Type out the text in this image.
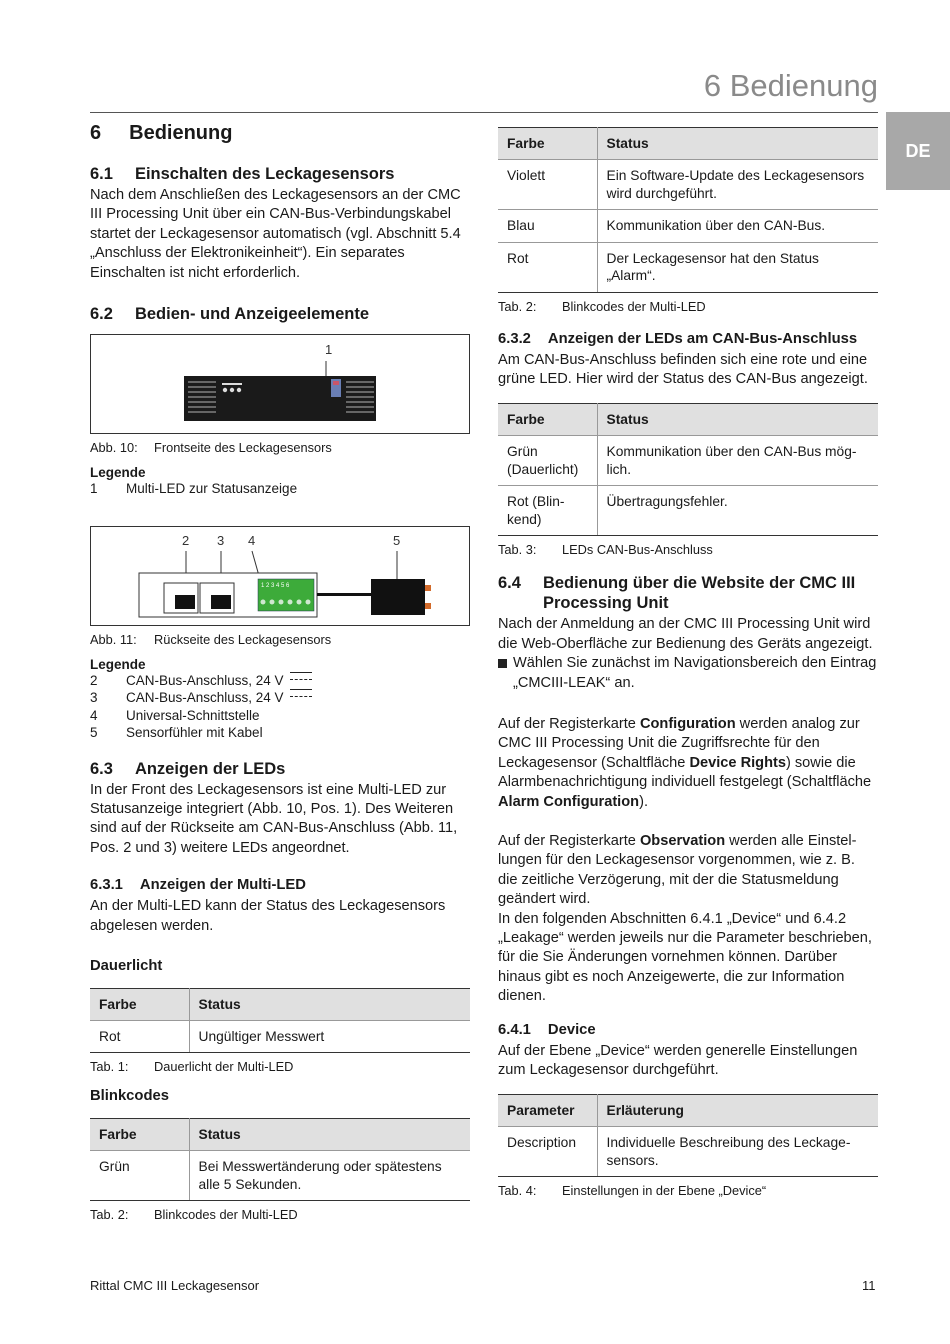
6 Bedienung
DE
6 Bedienung
6.1 Einschalten des Leckagesensors

Nach dem Anschließen des Leckagesensors an der CMC III Processing Unit über ein CAN-Bus-Verbindungskabel startet der Leckagesensor automatisch (vgl. Abschnitt 5.4 „Anschluss der Elektronikeinheit“). Ein separates Einschalten ist nicht erforderlich.

6.2 Bedien- und Anzeigeelemente
1
Abb. 10:	Frontseite des Leckagesensors
Legende
1	Multi-LED zur Statusanzeige
2 3 4	5
1 2 3 4 5 6
Abb. 11:	Rückseite des Leckagesensors
Legende
2	CAN-Bus-Anschluss, 24 V
3	CAN-Bus-Anschluss, 24 V
4	Universal-Schnittstelle
5	Sensorfühler mit Kabel
6.3 Anzeigen der LEDs

In der Front des Leckagesensors ist eine Multi-LED zur Statusanzeige integriert (Abb. 10, Pos. 1). Des Weiteren sind auf der Rückseite am CAN-Bus-Anschluss (Abb. 11, Pos. 2 und 3) weitere LEDs angeordnet.

6.3.1 Anzeigen der Multi-LED

An der Multi-LED kann der Status des Leckagesensors abgelesen werden.

Dauerlicht
Farbe	Status
Rot	Ungültiger Messwert
Tab. 1:	Dauerlicht der Multi-LED
Blinkcodes
Farbe	Status
Grün	Bei Messwertänderung oder spätestens alle 5 Sekunden.
Tab. 2:	Blinkcodes der Multi-LED
Farbe	Status
Violett	Ein Software-Update des Leckagesensors wird durchgeführt.
Blau	Kommunikation über den CAN-Bus.
Rot	Der Leckagesensor hat den Status „Alarm“.
Tab. 2:	Blinkcodes der Multi-LED
6.3.2 Anzeigen der LEDs am CAN-Bus-Anschluss

Am CAN-Bus-Anschluss befinden sich eine rote und eine grüne LED. Hier wird der Status des CAN-Bus angezeigt.

Farbe	Status
Grün (Dauerlicht)	Kommunikation über den CAN-Bus möglich.
Rot (Blinkend)	Übertragungsfehler.
Tab. 3:	LEDs CAN-Bus-Anschluss
6.4 Bedienung über die Website der CMC III Processing Unit

Nach der Anmeldung an der CMC III Processing Unit wird die Web-Oberfläche zur Bedienung des Geräts angezeigt.

Wählen Sie zunächst im Navigationsbereich den Eintrag „CMCIII-LEAK“ an.

Auf der Registerkarte Configuration werden analog zur CMC III Processing Unit die Zugriffsrechte für den Leckagesensor (Schaltfläche Device Rights) sowie die Alarmbenachrichtigung individuell festgelegt (Schaltfläche Alarm Configuration).

Auf der Registerkarte Observation werden alle Einstellungen für den Leckagesensor vorgenommen, wie z. B. die zeitliche Verzögerung, mit der die Statusmeldung geändert wird.

In den folgenden Abschnitten 6.4.1 „Device“ und 6.4.2 „Leakage“ werden jeweils nur die Parameter beschrieben, für die Sie Änderungen vornehmen können. Darüber hinaus gibt es noch Anzeigewerte, die zur Information dienen.

6.4.1 Device

Auf der Ebene „Device“ werden generelle Einstellungen zum Leckagesensor durchgeführt.

Parameter	Erläuterung
Description	Individuelle Beschreibung des Leckagesensors.
Tab. 4:	Einstellungen in der Ebene „Device“
Rittal CMC III Leckagesensor	11
